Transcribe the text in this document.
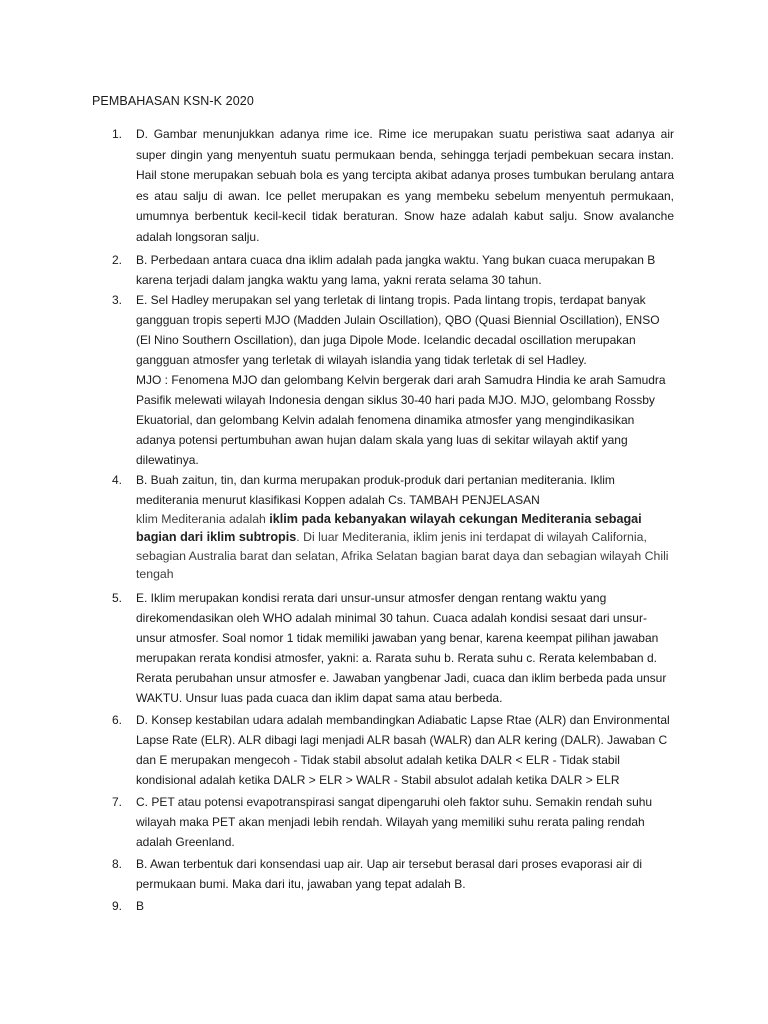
PEMBAHASAN KSN-K 2020
1. D. Gambar menunjukkan adanya rime ice. Rime ice merupakan suatu peristiwa saat adanya air super dingin yang menyentuh suatu permukaan benda, sehingga terjadi pembekuan secara instan. Hail stone merupakan sebuah bola es yang tercipta akibat adanya proses tumbukan berulang antara es atau salju di awan. Ice pellet merupakan es yang membeku sebelum menyentuh permukaan, umumnya berbentuk kecil-kecil tidak beraturan. Snow haze adalah kabut salju. Snow avalanche adalah longsoran salju.

2. B. Perbedaan antara cuaca dna iklim adalah pada jangka waktu. Yang bukan cuaca merupakan B karena terjadi dalam jangka waktu yang lama, yakni rerata selama 30 tahun.

3. E. Sel Hadley merupakan sel yang terletak di lintang tropis. Pada lintang tropis, terdapat banyak gangguan tropis seperti MJO (Madden Julain Oscillation), QBO (Quasi Biennial Oscillation), ENSO (El Nino Southern Oscillation), dan juga Dipole Mode. Icelandic decadal oscillation merupakan gangguan atmosfer yang terletak di wilayah islandia yang tidak terletak di sel Hadley.

MJO : Fenomena MJO dan gelombang Kelvin bergerak dari arah Samudra Hindia ke arah Samudra Pasifik melewati wilayah Indonesia dengan siklus 30-40 hari pada MJO. MJO, gelombang Rossby Ekuatorial, dan gelombang Kelvin adalah fenomena dinamika atmosfer yang mengindikasikan adanya potensi pertumbuhan awan hujan dalam skala yang luas di sekitar wilayah aktif yang dilewatinya.

4. B. Buah zaitun, tin, dan kurma merupakan produk-produk dari pertanian mediterania. Iklim mediterania menurut klasifikasi Koppen adalah Cs. TAMBAH PENJELASAN

klim Mediterania adalah iklim pada kebanyakan wilayah cekungan Mediterania sebagai bagian dari iklim subtropis. Di luar Mediterania, iklim jenis ini terdapat di wilayah California, sebagian Australia barat dan selatan, Afrika Selatan bagian barat daya dan sebagian wilayah Chili tengah

5. E. Iklim merupakan kondisi rerata dari unsur-unsur atmosfer dengan rentang waktu yang direkomendasikan oleh WHO adalah minimal 30 tahun. Cuaca adalah kondisi sesaat dari unsur-unsur atmosfer. Soal nomor 1 tidak memiliki jawaban yang benar, karena keempat pilihan jawaban merupakan rerata kondisi atmosfer, yakni: a. Rarata suhu b. Rerata suhu c. Rerata kelembaban d. Rerata perubahan unsur atmosfer e. Jawaban yangbenar Jadi, cuaca dan iklim berbeda pada unsur WAKTU. Unsur luas pada cuaca dan iklim dapat sama atau berbeda.

6. D. Konsep kestabilan udara adalah membandingkan Adiabatic Lapse Rtae (ALR) dan Environmental Lapse Rate (ELR). ALR dibagi lagi menjadi ALR basah (WALR) dan ALR kering (DALR). Jawaban C dan E merupakan mengecoh - Tidak stabil absolut adalah ketika DALR < ELR - Tidak stabil kondisional adalah ketika DALR > ELR > WALR - Stabil absulot adalah ketika DALR > ELR

7. C. PET atau potensi evapotranspirasi sangat dipengaruhi oleh faktor suhu. Semakin rendah suhu wilayah maka PET akan menjadi lebih rendah. Wilayah yang memiliki suhu rerata paling rendah adalah Greenland.

8. B. Awan terbentuk dari konsendasi uap air. Uap air tersebut berasal dari proses evaporasi air di permukaan bumi. Maka dari itu, jawaban yang tepat adalah B.

9. B
